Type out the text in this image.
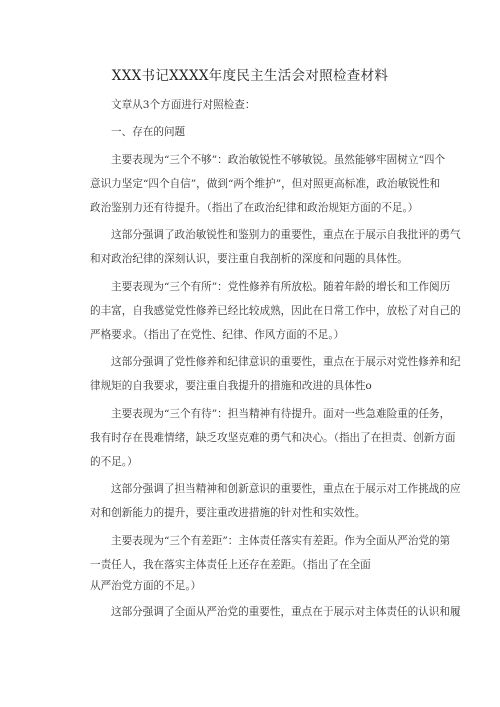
XXX书记XXXX年度民主生活会对照检查材料
文章从3个方面进行对照检查：
一、存在的问题
主要表现为“三个不够”：政治敏锐性不够敏锐。虽然能够牢固树立“四个
意识力坚定“四个自信”，做到“两个维护”，但对照更高标准，政治敏锐性和
政治鉴别力还有待提升。（指出了在政治纪律和政治规矩方面的不足。）
这部分强调了政治敏锐性和鉴别力的重要性，重点在于展示自我批评的勇气
和对政治纪律的深刻认识，要注重自我剖析的深度和问题的具体性。
主要表现为“三个有所”：党性修养有所放松。随着年龄的增长和工作阅历
的丰富，自我感觉党性修养已经比较成熟，因此在日常工作中，放松了对自己的
严格要求。（指出了在党性、纪律、作风方面的不足。）
这部分强调了党性修养和纪律意识的重要性，重点在于展示对党性修养和纪
律规矩的自我要求，要注重自我提升的措施和改进的具体性o
主要表现为“三个有待”：担当精神有待提升。面对一些急难险重的任务，
我有时存在畏难情绪，缺乏攻坚克难的勇气和决心。（指出了在担责、创新方面
的不足。）
这部分强调了担当精神和创新意识的重要性，重点在于展示对工作挑战的应
对和创新能力的提升，要注重改进措施的针对性和实效性。
主要表现为“三个有差距”：主体责任落实有差距。作为全面从严治党的第
一责任人，我在落实主体责任上还存在差距。（指出了在全面
从严治党方面的不足。）
这部分强调了全面从严治党的重要性，重点在于展示对主体责任的认识和履
